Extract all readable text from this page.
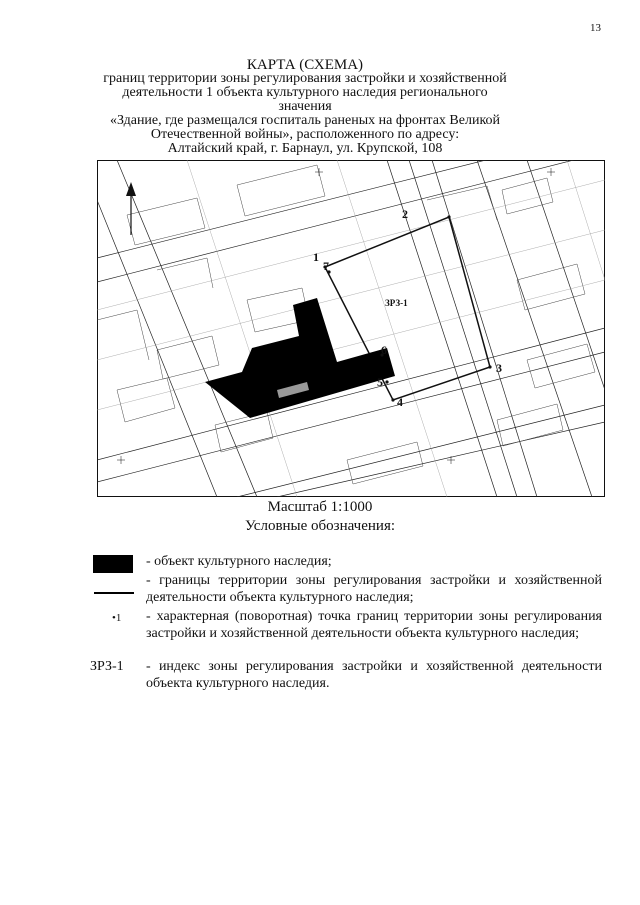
13
КАРТА (СХЕМА)
границ территории зоны регулирования застройки и хозяйственной
деятельности 1 объекта культурного наследия регионального значения
«Здание, где размещался госпиталь раненых на фронтах Великой
Отечественной войны», расположенного по адресу:
Алтайский край, г. Барнаул, ул. Крупской, 108
1
2
3
4
5
6
7
ЗРЗ-1
Масштаб 1:1000
Условные обозначения:
- объект культурного наследия;
- границы территории зоны регулирования застройки и хозяйственной деятельности объекта культурного наследия;
•1 - характерная (поворотная) точка границ территории зоны регулирования застройки и хозяйственной деятельности объекта культурного наследия;
ЗРЗ-1 - индекс зоны регулирования застройки и хозяйственной деятельности объекта культурного наследия.
